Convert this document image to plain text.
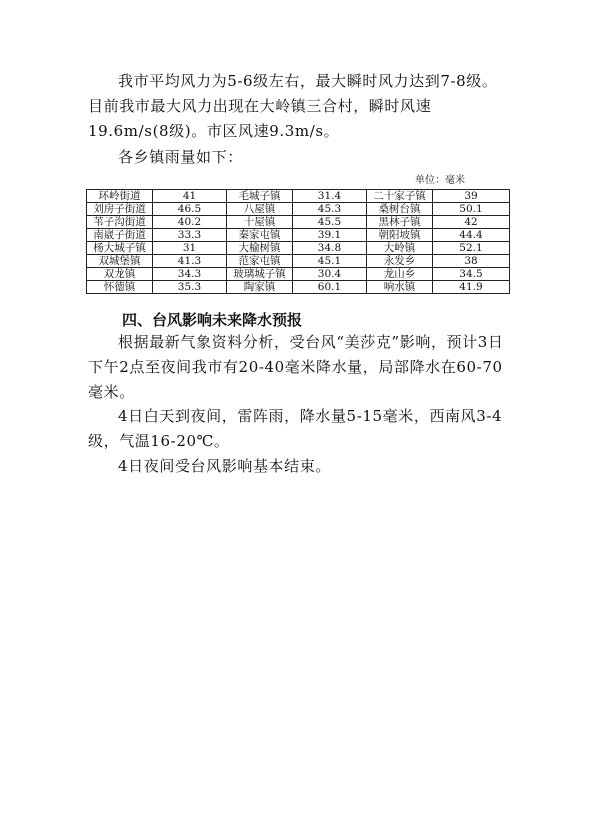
我市平均风力为5-6级左右，最大瞬时风力达到7-8级。目前我市最大风力出现在大岭镇三合村，瞬时风速19.6m/s(8级)。市区风速9.3m/s。

各乡镇雨量如下：

单位：毫米
环岭街道	41	毛城子镇	31.4	二十家子镇	39
刘房子街道	46.5	八屋镇	45.3	桑树台镇	50.1
苇子沟街道	40.2	十屋镇	45.5	黑林子镇	42
南崴子街道	33.3	秦家屯镇	39.1	朝阳坡镇	44.4
杨大城子镇	31	大榆树镇	34.8	大岭镇	52.1
双城堡镇	41.3	范家屯镇	45.1	永发乡	38
双龙镇	34.3	玻璃城子镇	30.4	龙山乡	34.5
怀德镇	35.3	陶家镇	60.1	响水镇	41.9
四、台风影响未来降水预报

根据最新气象资料分析，受台风“美莎克”影响，预计3日下午2点至夜间我市有20-40毫米降水量，局部降水在60-70毫米。

4日白天到夜间，雷阵雨，降水量5-15毫米，西南风3-4级，气温16-20℃。

4日夜间受台风影响基本结束。
